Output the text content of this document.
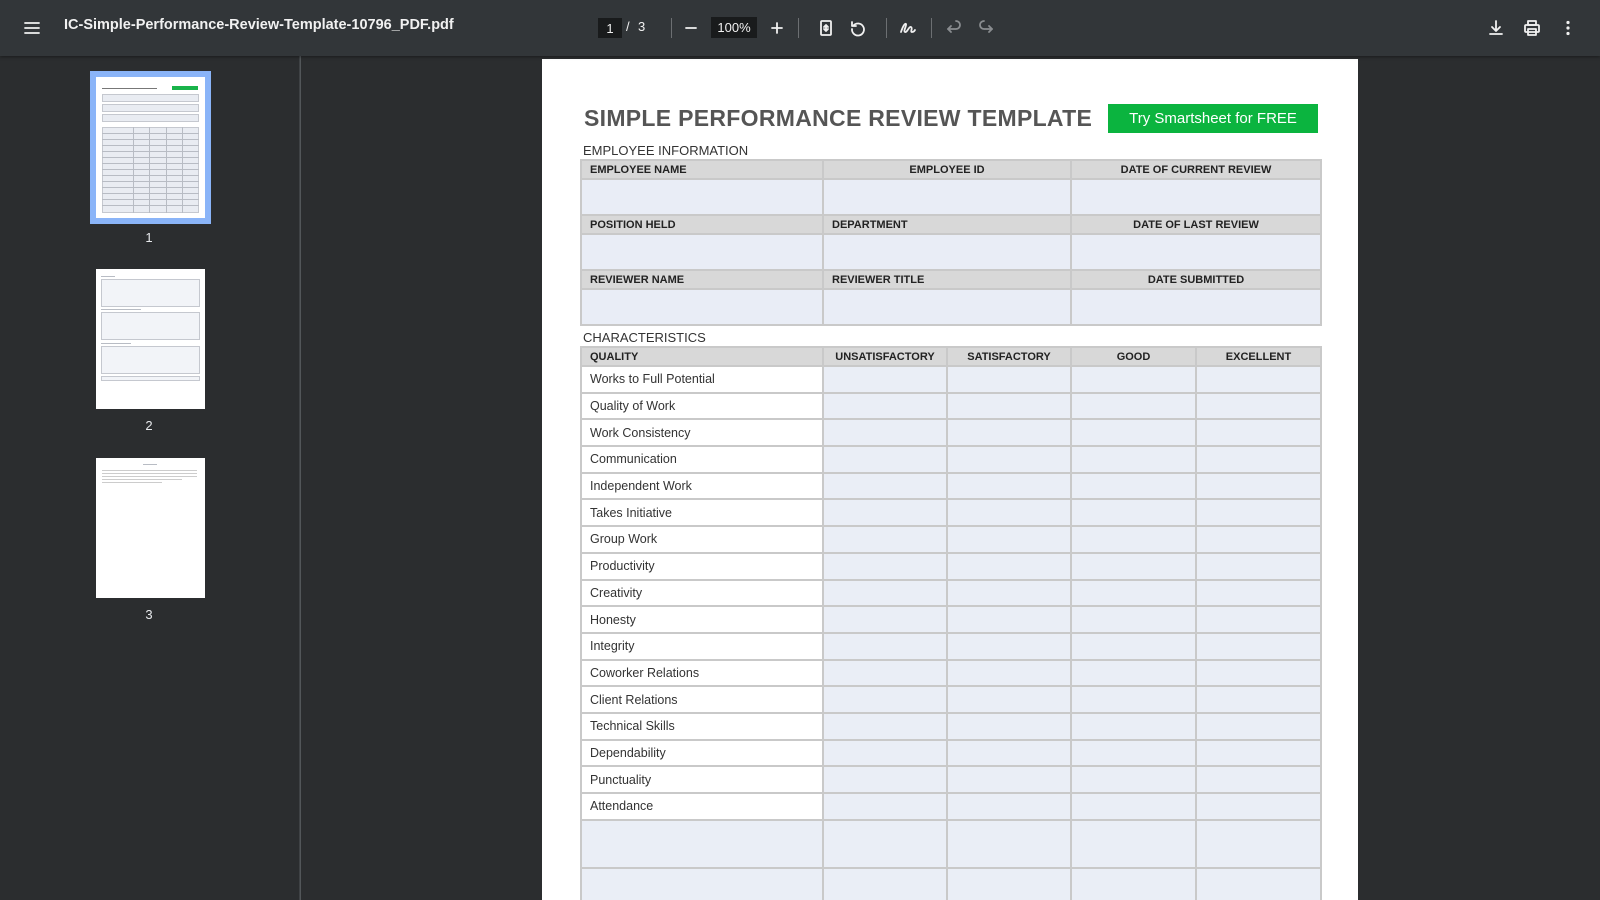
IC-Simple-Performance-Review-Template-10796_PDF.pdf
1	/ 3
100%
1
2
3
SIMPLE PERFORMANCE REVIEW TEMPLATE	Try Smartsheet for FREE
EMPLOYEE INFORMATION
EMPLOYEE NAME	EMPLOYEE ID	DATE OF CURRENT REVIEW

POSITION HELD	DEPARTMENT	DATE OF LAST REVIEW

REVIEWER NAME	REVIEWER TITLE	DATE SUBMITTED

CHARACTERISTICS
QUALITY	UNSATISFACTORY	SATISFACTORY	GOOD	EXCELLENT
Works to Full Potential				
Quality of Work				
Work Consistency				
Communication				
Independent Work				
Takes Initiative				
Group Work				
Productivity				
Creativity				
Honesty				
Integrity				
Coworker Relations				
Client Relations				
Technical Skills				
Dependability				
Punctuality				
Attendance				
